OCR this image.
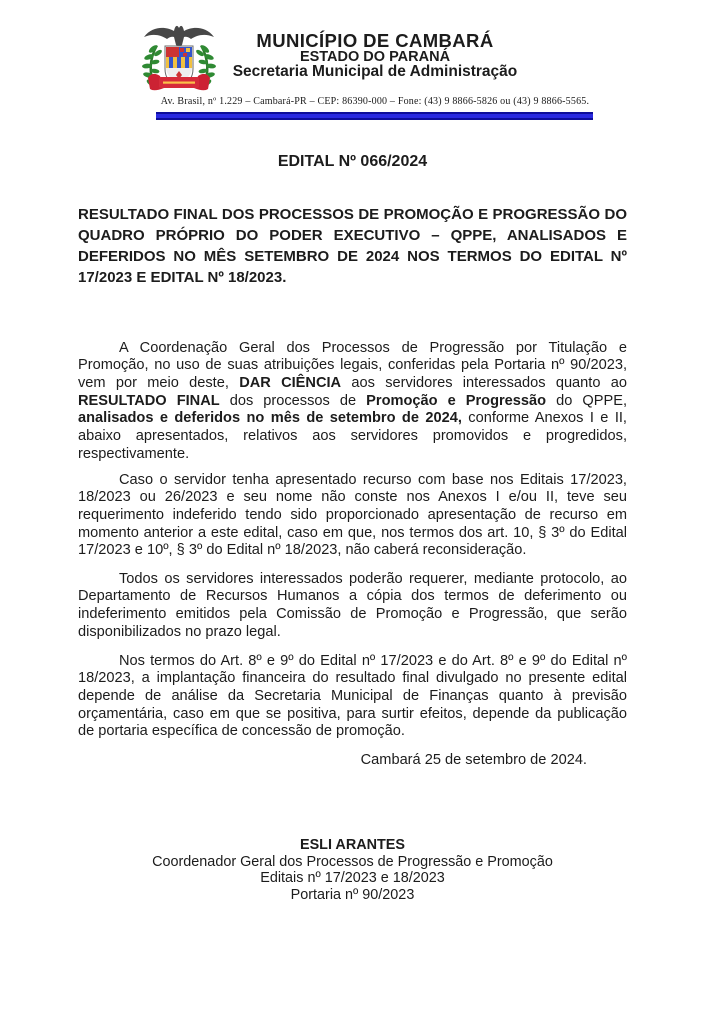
MUNICÍPIO DE CAMBARÁ
ESTADO DO PARANÁ
Secretaria Municipal de Administração
Av. Brasil, nº 1.229 – Cambará-PR – CEP: 86390-000 – Fone: (43) 9 8866-5826 ou (43) 9 8866-5565.
EDITAL Nº 066/2024
RESULTADO FINAL DOS PROCESSOS DE PROMOÇÃO E PROGRESSÃO DO QUADRO PRÓPRIO DO PODER EXECUTIVO – QPPE, ANALISADOS E DEFERIDOS NO MÊS SETEMBRO DE 2024 NOS TERMOS DO EDITAL Nº 17/2023 E EDITAL Nº 18/2023.

A Coordenação Geral dos Processos de Progressão por Titulação e Promoção, no uso de suas atribuições legais, conferidas pela Portaria nº 90/2023, vem por meio deste, DAR CIÊNCIA aos servidores interessados quanto ao RESULTADO FINAL dos processos de Promoção e Progressão do QPPE, analisados e deferidos no mês de setembro de 2024, conforme Anexos I e II, abaixo apresentados, relativos aos servidores promovidos e progredidos, respectivamente.

Caso o servidor tenha apresentado recurso com base nos Editais 17/2023, 18/2023 ou 26/2023 e seu nome não conste nos Anexos I e/ou II, teve seu requerimento indeferido tendo sido proporcionado apresentação de recurso em momento anterior a este edital, caso em que, nos termos dos art. 10, § 3º do Edital 17/2023 e 10º, § 3º do Edital nº 18/2023, não caberá reconsideração.

Todos os servidores interessados poderão requerer, mediante protocolo, ao Departamento de Recursos Humanos a cópia dos termos de deferimento ou indeferimento emitidos pela Comissão de Promoção e Progressão, que serão disponibilizados no prazo legal.

Nos termos do Art. 8º e 9º do Edital nº 17/2023 e do Art. 8º e 9º do Edital nº 18/2023, a implantação financeira do resultado final divulgado no presente edital depende de análise da Secretaria Municipal de Finanças quanto à previsão orçamentária, caso em que se positiva, para surtir efeitos, depende da publicação de portaria específica de concessão de promoção.

Cambará 25 de setembro de 2024.
ESLI ARANTES
Coordenador Geral dos Processos de Progressão e Promoção
Editais nº 17/2023 e 18/2023
Portaria nº 90/2023
